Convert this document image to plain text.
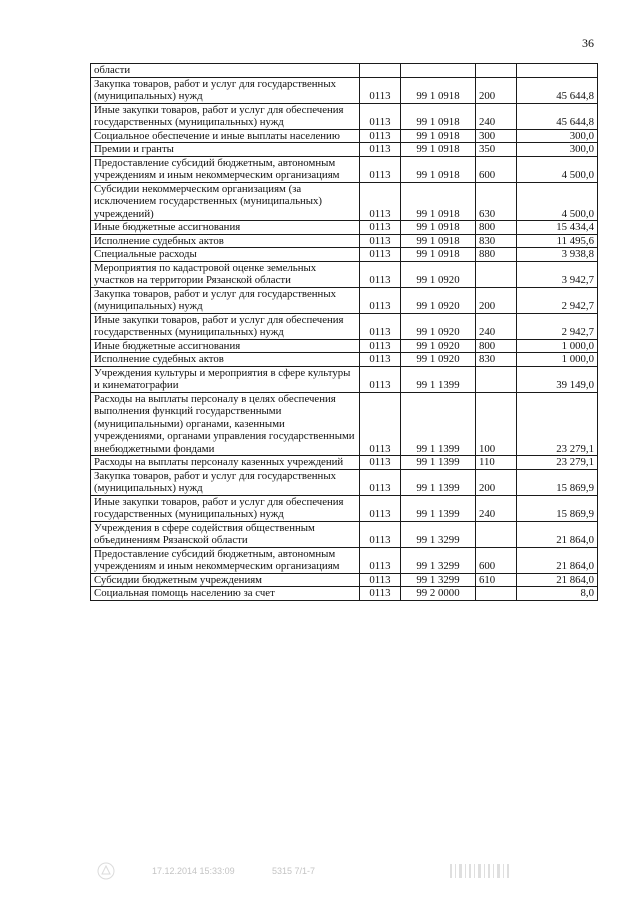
36
области				
Закупка товаров, работ и услуг для государственных (муниципальных) нужд	0113	99 1 0918	200	45 644,8
Иные закупки товаров, работ и услуг для обеспечения государственных (муниципальных) нужд	0113	99 1 0918	240	45 644,8
Социальное обеспечение и иные выплаты населению	0113	99 1 0918	300	300,0
Премии и гранты	0113	99 1 0918	350	300,0
Предоставление субсидий бюджетным, автономным учреждениям и иным некоммерческим организациям	0113	99 1 0918	600	4 500,0
Субсидии некоммерческим организациям (за исключением государственных (муниципальных) учреждений)	0113	99 1 0918	630	4 500,0
Иные бюджетные ассигнования	0113	99 1 0918	800	15 434,4
Исполнение судебных актов	0113	99 1 0918	830	11 495,6
Специальные расходы	0113	99 1 0918	880	3 938,8
Мероприятия по кадастровой оценке земельных участков на территории Рязанской области	0113	99 1 0920		3 942,7
Закупка товаров, работ и услуг для государственных (муниципальных) нужд	0113	99 1 0920	200	2 942,7
Иные закупки товаров, работ и услуг для обеспечения государственных (муниципальных) нужд	0113	99 1 0920	240	2 942,7
Иные бюджетные ассигнования	0113	99 1 0920	800	1 000,0
Исполнение судебных актов	0113	99 1 0920	830	1 000,0
Учреждения культуры и мероприятия в сфере культуры и кинематографии	0113	99 1 1399		39 149,0
Расходы на выплаты персоналу в целях обеспечения выполнения функций государственными (муниципальными) органами, казенными учреждениями, органами управления государственными внебюджетными фондами	0113	99 1 1399	100	23 279,1
Расходы на выплаты персоналу казенных учреждений	0113	99 1 1399	110	23 279,1
Закупка товаров, работ и услуг для государственных (муниципальных) нужд	0113	99 1 1399	200	15 869,9
Иные закупки товаров, работ и услуг для обеспечения государственных (муниципальных) нужд	0113	99 1 1399	240	15 869,9
Учреждения в сфере содействия общественным объединениям Рязанской области	0113	99 1 3299		21 864,0
Предоставление субсидий бюджетным, автономным учреждениям и иным некоммерческим организациям	0113	99 1 3299	600	21 864,0
Субсидии бюджетным учреждениям	0113	99 1 3299	610	21 864,0
Социальная помощь населению за счет	0113	99 2 0000		8,0
17.12.2014 15:33:09	5315 7/1-7
